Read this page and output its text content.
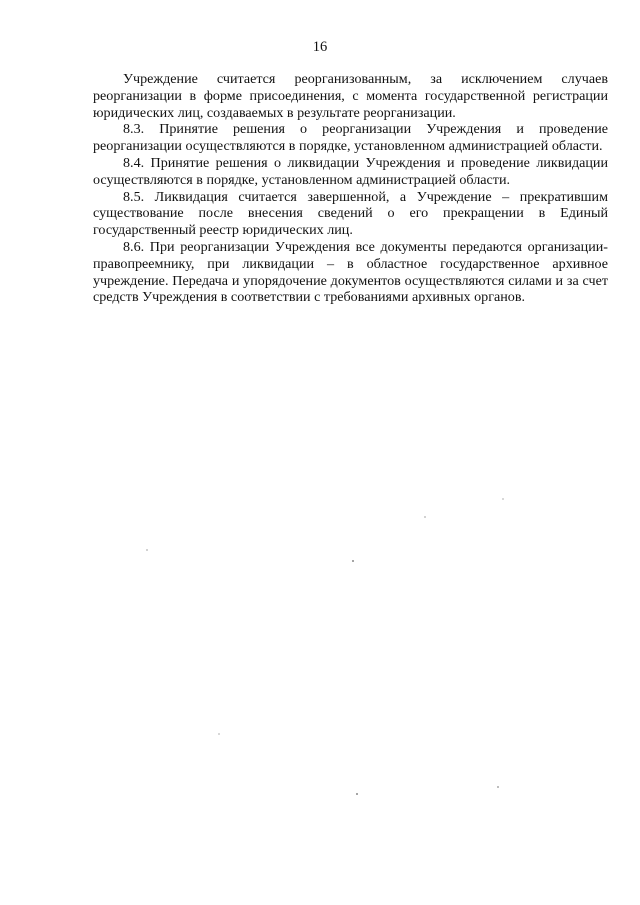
16

Учреждение считается реорганизованным, за исключением случаев реорганизации в форме присоединения, с момента государственной регистрации юридических лиц, создаваемых в результате реорганизации.

8.3. Принятие решения о реорганизации Учреждения и проведение реорганизации осуществляются в порядке, установленном администрацией области.

8.4. Принятие решения о ликвидации Учреждения и проведение ликвидации осуществляются в порядке, установленном администрацией области.

8.5. Ликвидация считается завершенной, а Учреждение – прекратившим существование после внесения сведений о его прекращении в Единый государственный реестр юридических лиц.

8.6. При реорганизации Учреждения все документы передаются организации-правопреемнику, при ликвидации – в областное государственное архивное учреждение. Передача и упорядочение документов осуществляются силами и за счет средств Учреждения в соответствии с требованиями архивных органов.
